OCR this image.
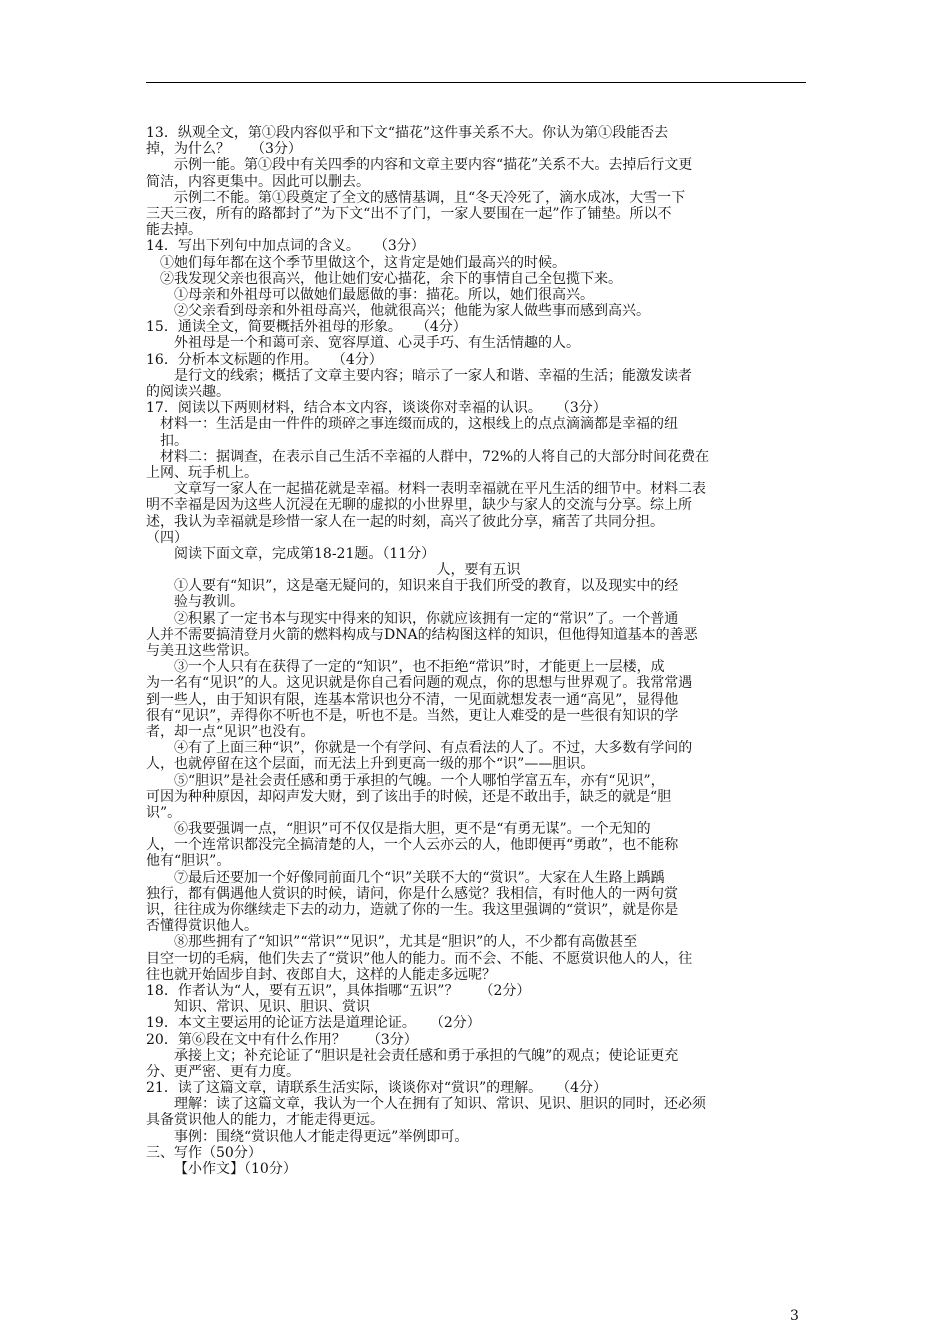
13．纵观全文，第①段内容似乎和下文“描花”这件事关系不大。你认为第①段能否去
掉，为什么？　　（3分）
示例一能。第①段中有关四季的内容和文章主要内容“描花”关系不大。去掉后行文更
简洁，内容更集中。因此可以删去。
示例二不能。第①段奠定了全文的感情基调，且“冬天冷死了，滴水成冰，大雪一下
三天三夜，所有的路都封了”为下文“出不了门，一家人要围在一起”作了铺垫。所以不
能去掉。
14．写出下列句中加点词的含义。　　（3分）
①她们每年都在这个季节里做这个，这肯定是她们最高兴的时候。
②我发现父亲也很高兴，他让她们安心描花，余下的事情自己全包揽下来。
①母亲和外祖母可以做她们最愿做的事：描花。所以，她们很高兴。
②父亲看到母亲和外祖母高兴，他就很高兴；他能为家人做些事而感到高兴。
15．通读全文，简要概括外祖母的形象。　　（4分）
外祖母是一个和蔼可亲、宽容厚道、心灵手巧、有生活情趣的人。
16．分析本文标题的作用。　　（4分）
是行文的线索；概括了文章主要内容；暗示了一家人和谐、幸福的生活；能激发读者
的阅读兴趣。
17．阅读以下两则材料，结合本文内容，谈谈你对幸福的认识。　　（3分）
材料一：生活是由一件件的琐碎之事连缀而成的，这根线上的点点滴滴都是幸福的纽
扣。
材料二：据调查，在表示自己生活不幸福的人群中，72%的人将自己的大部分时间花费在
上网、玩手机上。
文章写一家人在一起描花就是幸福。材料一表明幸福就在平凡生活的细节中。材料二表
明不幸福是因为这些人沉浸在无聊的虚拟的小世界里，缺少与家人的交流与分享。综上所
述，我认为幸福就是珍惜一家人在一起的时刻，高兴了彼此分享，痛苦了共同分担。
（四）
阅读下面文章，完成第18-21题。（11分）
人，要有五识
①人要有“知识”，这是毫无疑问的，知识来自于我们所受的教育，以及现实中的经
验与教训。
②积累了一定书本与现实中得来的知识，你就应该拥有一定的“常识”了。一个普通
人并不需要搞清登月火箭的燃料构成与DNA的结构图这样的知识，但他得知道基本的善恶
与美丑这些常识。
③一个人只有在获得了一定的“知识”，也不拒绝“常识”时，才能更上一层楼，成
为一名有“见识”的人。这见识就是你自己看问题的观点，你的思想与世界观了。我常常遇
到一些人，由于知识有限，连基本常识也分不清，一见面就想发表一通“高见”，显得他
很有“见识”，弄得你不听也不是，听也不是。当然，更让人难受的是一些很有知识的学
者，却一点“见识”也没有。
④有了上面三种“识”，你就是一个有学问、有点看法的人了。不过，大多数有学问的
人，也就停留在这个层面，而无法上升到更高一级的那个“识”——胆识。
⑤“胆识”是社会责任感和勇于承担的气魄。一个人哪怕学富五车，亦有“见识”，
可因为种种原因，却闷声发大财，到了该出手的时候，还是不敢出手，缺乏的就是“胆
识”。
⑥我要强调一点，“胆识”可不仅仅是指大胆，更不是“有勇无谋”。一个无知的
人，一个连常识都没完全搞清楚的人，一个人云亦云的人，他即便再“勇敢”，也不能称
他有“胆识”。
⑦最后还要加一个好像同前面几个“识”关联不大的“赏识”。大家在人生路上踽踽
独行，都有偶遇他人赏识的时候，请问，你是什么感觉？我相信，有时他人的一两句赏
识，往往成为你继续走下去的动力，造就了你的一生。我这里强调的“赏识”，就是你是
否懂得赏识他人。
⑧那些拥有了“知识”“常识”“见识”，尤其是“胆识”的人，不少都有高傲甚至
目空一切的毛病，他们失去了“赏识”他人的能力。而不会、不能、不愿赏识他人的人，往
往也就开始固步自封、夜郎自大，这样的人能走多远呢？
18．作者认为“人，要有五识”，具体指哪“五识”？　　（2分）
知识、常识、见识、胆识、赏识
19．本文主要运用的论证方法是道理论证。　　（2分）
20．第⑥段在文中有什么作用？　　（3分）
承接上文；补充论证了“胆识是社会责任感和勇于承担的气魄”的观点；使论证更充
分、更严密、更有力度。
21．读了这篇文章，请联系生活实际，谈谈你对“赏识”的理解。　　（4分）
理解：读了这篇文章，我认为一个人在拥有了知识、常识、见识、胆识的同时，还必须
具备赏识他人的能力，才能走得更远。
事例：围绕“赏识他人才能走得更远”举例即可。
三、写作（50分）
【小作文】（10分）
3
